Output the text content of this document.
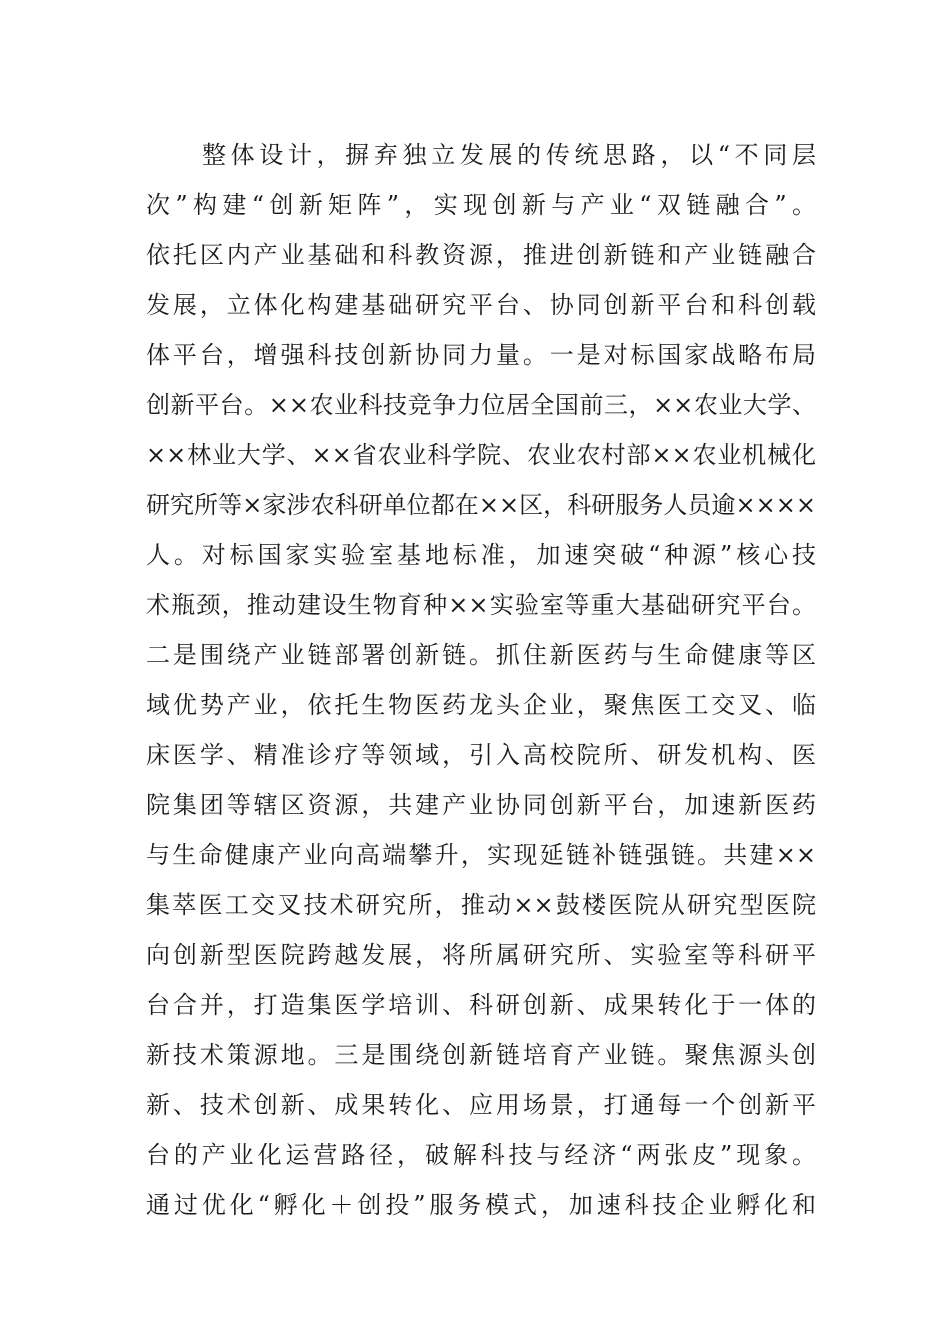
整体设计，摒弃独立发展的传统思路，以“不同层
次”构建“创新矩阵”，实现创新与产业“双链融合”。
依托区内产业基础和科教资源，推进创新链和产业链融合
发展，立体化构建基础研究平台、协同创新平台和科创载
体平台，增强科技创新协同力量。一是对标国家战略布局
创新平台。××农业科技竞争力位居全国前三，××农业大学、
××林业大学、××省农业科学院、农业农村部××农业机械化
研究所等×家涉农科研单位都在××区，科研服务人员逾××××
人。对标国家实验室基地标准，加速突破“种源”核心技
术瓶颈，推动建设生物育种××实验室等重大基础研究平台。
二是围绕产业链部署创新链。抓住新医药与生命健康等区
域优势产业，依托生物医药龙头企业，聚焦医工交叉、临
床医学、精准诊疗等领域，引入高校院所、研发机构、医
院集团等辖区资源，共建产业协同创新平台，加速新医药
与生命健康产业向高端攀升，实现延链补链强链。共建××
集萃医工交叉技术研究所，推动××鼓楼医院从研究型医院
向创新型医院跨越发展，将所属研究所、实验室等科研平
台合并，打造集医学培训、科研创新、成果转化于一体的
新技术策源地。三是围绕创新链培育产业链。聚焦源头创
新、技术创新、成果转化、应用场景，打通每一个创新平
台的产业化运营路径，破解科技与经济“两张皮”现象。
通过优化“孵化＋创投”服务模式，加速科技企业孵化和
